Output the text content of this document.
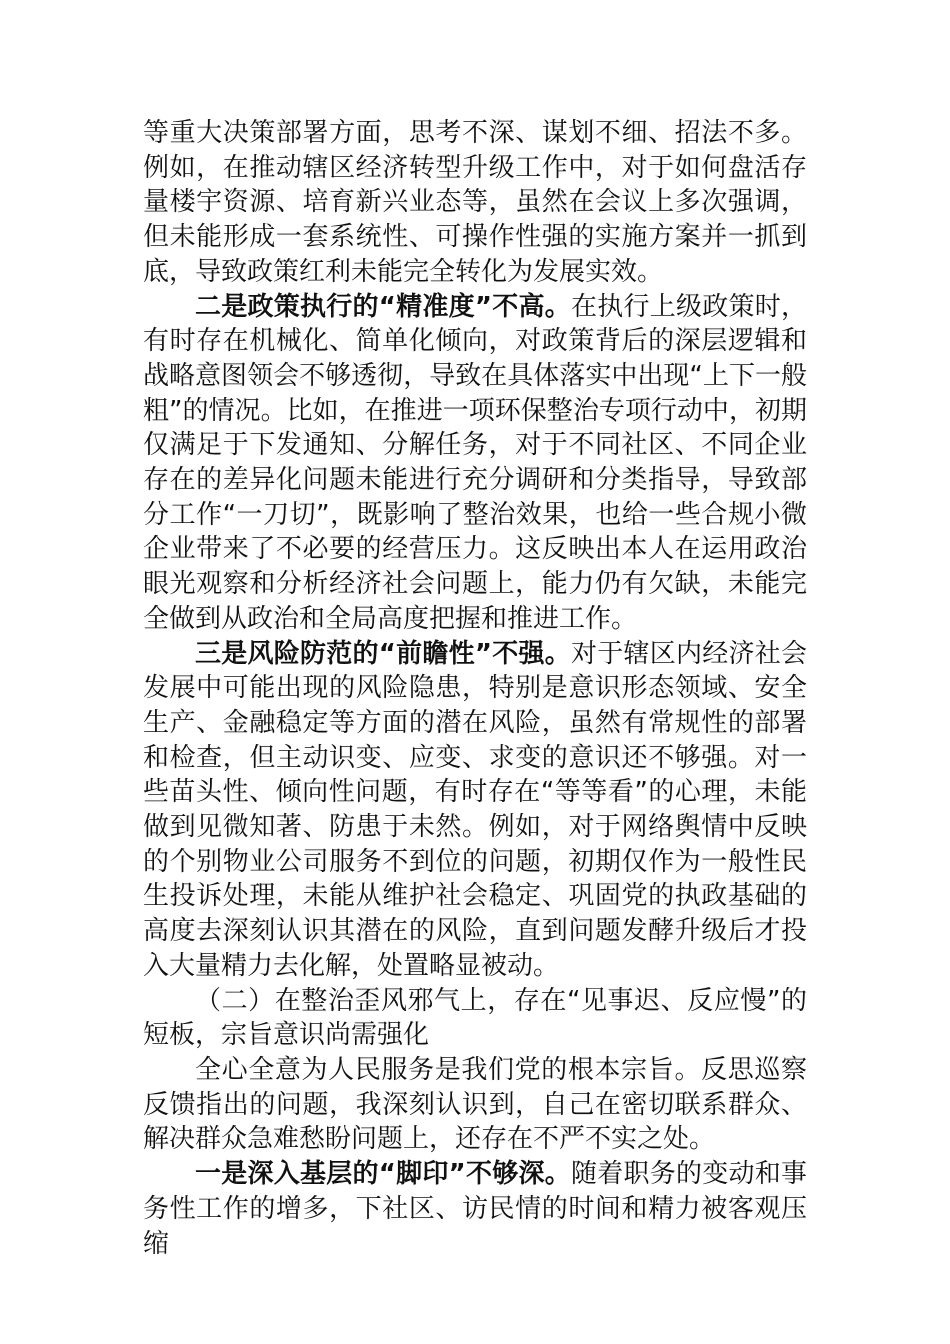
等重大决策部署方面，思考不深、谋划不细、招法不多。例如，在推动辖区经济转型升级工作中，对于如何盘活存量楼宇资源、培育新兴业态等，虽然在会议上多次强调，但未能形成一套系统性、可操作性强的实施方案并一抓到底，导致政策红利未能完全转化为发展实效。

二是政策执行的“精准度”不高。在执行上级政策时，有时存在机械化、简单化倾向，对政策背后的深层逻辑和战略意图领会不够透彻，导致在具体落实中出现“上下一般粗”的情况。比如，在推进一项环保整治专项行动中，初期仅满足于下发通知、分解任务，对于不同社区、不同企业存在的差异化问题未能进行充分调研和分类指导，导致部分工作“一刀切”，既影响了整治效果，也给一些合规小微企业带来了不必要的经营压力。这反映出本人在运用政治眼光观察和分析经济社会问题上，能力仍有欠缺，未能完全做到从政治和全局高度把握和推进工作。

三是风险防范的“前瞻性”不强。对于辖区内经济社会发展中可能出现的风险隐患，特别是意识形态领域、安全生产、金融稳定等方面的潜在风险，虽然有常规性的部署和检查，但主动识变、应变、求变的意识还不够强。对一些苗头性、倾向性问题，有时存在“等等看”的心理，未能做到见微知著、防患于未然。例如，对于网络舆情中反映的个别物业公司服务不到位的问题，初期仅作为一般性民生投诉处理，未能从维护社会稳定、巩固党的执政基础的高度去深刻认识其潜在的风险，直到问题发酵升级后才投入大量精力去化解，处置略显被动。

（二）在整治歪风邪气上，存在“见事迟、反应慢”的短板，宗旨意识尚需强化

全心全意为人民服务是我们党的根本宗旨。反思巡察反馈指出的问题，我深刻认识到，自己在密切联系群众、解决群众急难愁盼问题上，还存在不严不实之处。

一是深入基层的“脚印”不够深。随着职务的变动和事务性工作的增多，下社区、访民情的时间和精力被客观压缩
